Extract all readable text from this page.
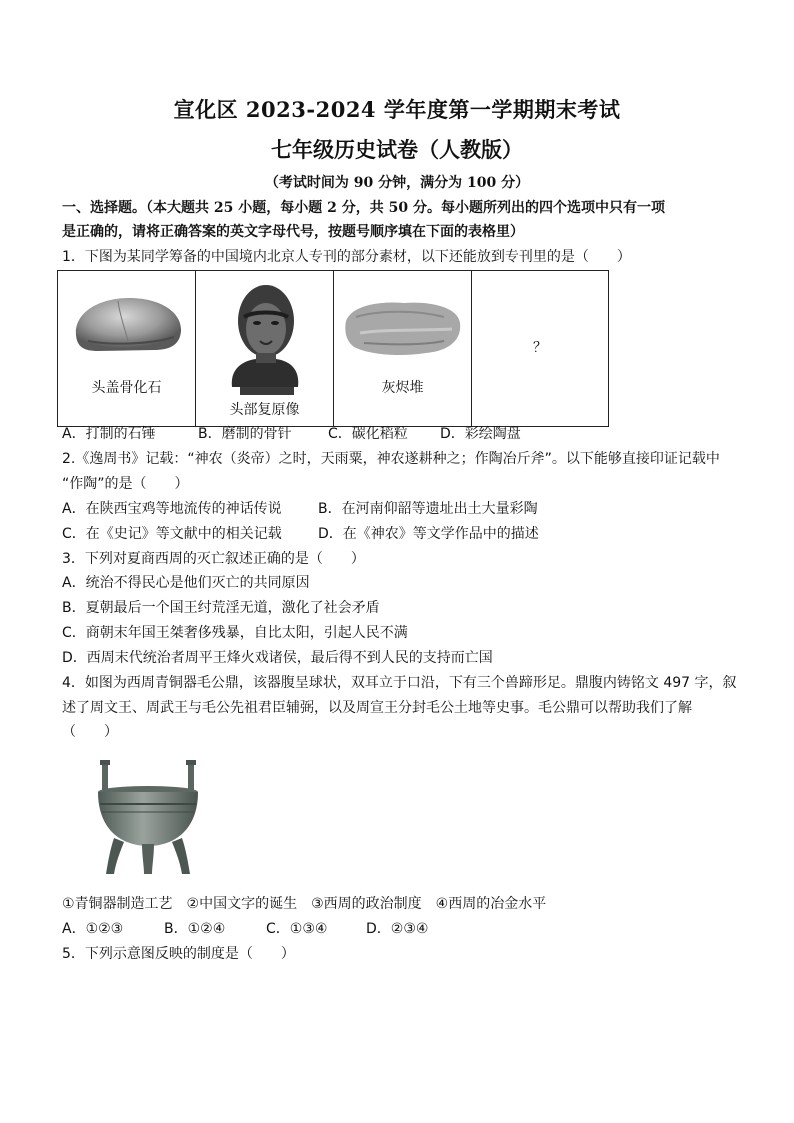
宣化区 2023-2024 学年度第一学期期末考试
七年级历史试卷（人教版）
（考试时间为 90 分钟，满分为 100 分）
一、选择题。（本大题共 25 小题，每小题 2 分，共 50 分。每小题所列出的四个选项中只有一项
是正确的，请将正确答案的英文字母代号，按题号顺序填在下面的表格里）
1．下图为某同学筹备的中国境内北京人专刊的部分素材，以下还能放到专刊里的是（　　）
头盖骨化石

头部复原像

灰烬堆

？
A．打制的石锤	B．磨制的骨针	C．碳化稻粒 D．彩绘陶盘
2.《逸周书》记载：“神农（炎帝）之时，天雨粟，神农遂耕种之；作陶冶斤斧”。以下能够直接印证记载中
“作陶”的是（　　）
A．在陕西宝鸡等地流传的神话传说	B．在河南仰韶等遗址出土大量彩陶
C．在《史记》等文献中的相关记载	D．在《神农》等文学作品中的描述
3．下列对夏商西周的灭亡叙述正确的是（　　）
A．统治不得民心是他们灭亡的共同原因
B．夏朝最后一个国王纣荒淫无道，激化了社会矛盾
C．商朝末年国王桀奢侈残暴，自比太阳，引起人民不满
D．西周末代统治者周平王烽火戏诸侯，最后得不到人民的支持而亡国
4．如图为西周青铜器毛公鼎，该器腹呈球状，双耳立于口沿，下有三个兽蹄形足。鼎腹内铸铭文 497 字，叙
述了周文王、周武王与毛公先祖君臣辅弼，以及周宣王分封毛公土地等史事。毛公鼎可以帮助我们了解
（　　）
①青铜器制造工艺　②中国文字的诞生　③西周的政治制度　④西周的冶金水平
A．①②③	B．①②④	C．①③④	D．②③④
5．下列示意图反映的制度是（　　）
